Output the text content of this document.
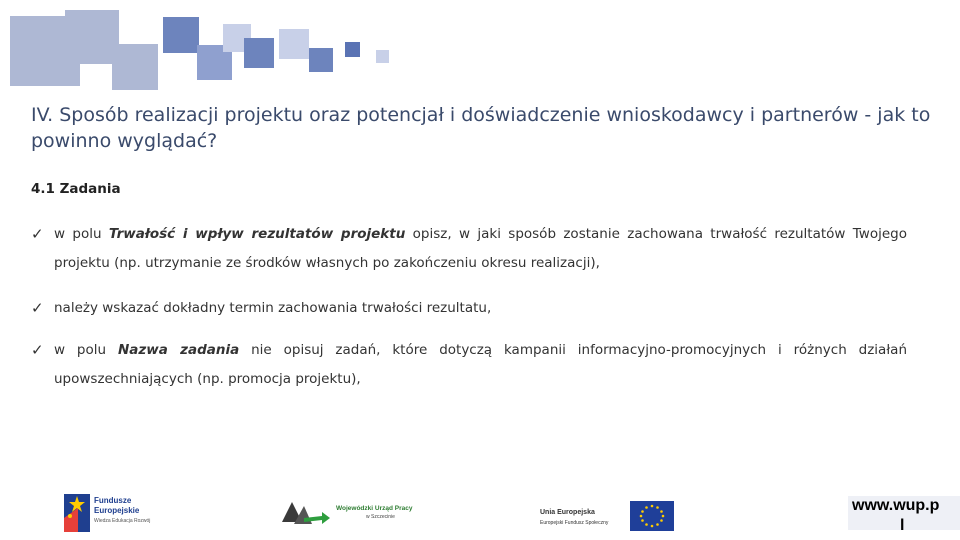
IV. Sposób realizacji projektu oraz potencjał i doświadczenie wnioskodawcy i partnerów - jak to powinno wyglądać?
4.1 Zadania
✓ w polu Trwałość i wpływ rezultatów projektu opisz, w jaki sposób zostanie zachowana trwałość rezultatów Twojego projektu (np. utrzymanie ze środków własnych po zakończeniu okresu realizacji),
✓ należy wskazać dokładny termin zachowania trwałości rezultatu,
✓ w polu Nazwa zadania nie opisuj zadań, które dotyczą kampanii informacyjno-promocyjnych i różnych działań upowszechniających (np. promocja projektu),
Fundusze
Europejskie
Wiedza Edukacja Rozwój
Wojewódzki Urząd Pracy
w Szczecinie
Unia Europejska
Europejski Fundusz Społeczny
www.wup.p
l
